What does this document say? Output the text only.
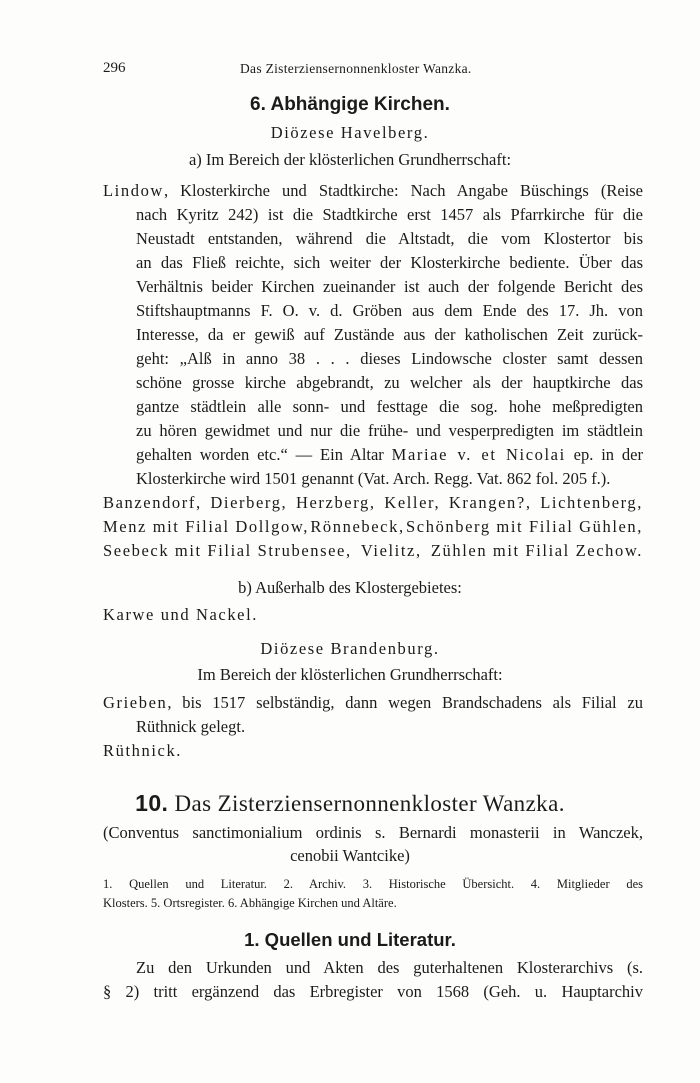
296	Das Zisterziensernonnenkloster Wanzka.
6. Abhängige Kirchen.
Diözese Havelberg.
a) Im Bereich der klösterlichen Grundherrschaft:
Lindow, Klosterkirche und Stadtkirche: Nach Angabe Büschings (Reise
nach Kyritz 242) ist die Stadtkirche erst 1457 als Pfarrkirche für die
Neustadt entstanden, während die Altstadt, die vom Klostertor bis
an das Fließ reichte, sich weiter der Klosterkirche bediente. Über das
Verhältnis beider Kirchen zueinander ist auch der folgende Bericht des
Stiftshauptmanns F. O. v. d. Gröben aus dem Ende des 17. Jh. von
Interesse, da er gewiß auf Zustände aus der katholischen Zeit zurück-
geht: „Alß in anno 38 . . . dieses Lindowsche closter samt dessen
schöne grosse kirche abgebrandt, zu welcher als der hauptkirche das
gantze städtlein alle sonn- und festtage die sog. hohe meßpredigten
zu hören gewidmet und nur die frühe- und vesperpredigten im städtlein
gehalten worden etc.“ — Ein Altar Mariae v. et Nicolai ep. in der
Klosterkirche wird 1501 genannt (Vat. Arch. Regg. Vat. 862 fol. 205 f.).
Banzendorf, Dierberg, Herzberg, Keller, Krangen?, Lichtenberg,
Menz mit Filial Dollgow, Rönnebeck, Schönberg mit Filial Gühlen,
Seebeck mit Filial Strubensee, Vielitz, Zühlen mit Filial Zechow.
b) Außerhalb des Klostergebietes:
Karwe und Nackel.
Diözese Brandenburg.
Im Bereich der klösterlichen Grundherrschaft:
Grieben, bis 1517 selbständig, dann wegen Brandschadens als Filial zu
Rüthnick gelegt.
Rüthnick.
10. Das Zisterziensernonnenkloster Wanzka.
(Conventus sanctimonialium ordinis s. Bernardi monasterii in Wanczek,
cenobii Wantcike)
1. Quellen und Literatur. 2. Archiv. 3. Historische Übersicht. 4. Mitglieder des
Klosters. 5. Ortsregister. 6. Abhängige Kirchen und Altäre.
1. Quellen und Literatur.
Zu den Urkunden und Akten des guterhaltenen Klosterarchivs (s.
§ 2) tritt ergänzend das Erbregister von 1568 (Geh. u. Hauptarchiv
